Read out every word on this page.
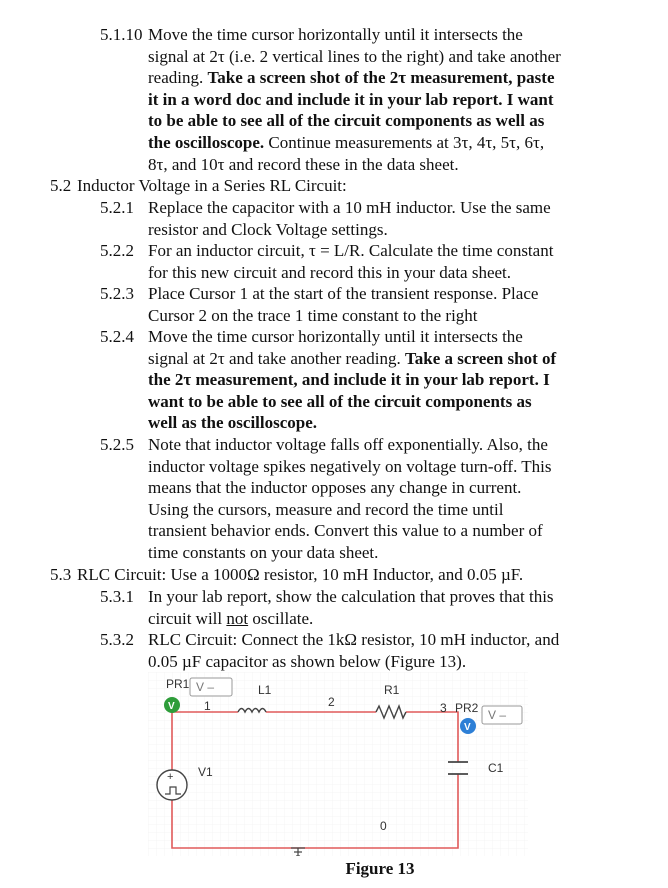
5.1.10 Move the time cursor horizontally until it intersects the
signal at 2τ (i.e. 2 vertical lines to the right) and take another
reading. Take a screen shot of the 2τ measurement, paste
it in a word doc and include it in your lab report. I want
to be able to see all of the circuit components as well as
the oscilloscope. Continue measurements at 3τ, 4τ, 5τ, 6τ,
8τ, and 10τ and record these in the data sheet.
5.2 Inductor Voltage in a Series RL Circuit:
5.2.1 Replace the capacitor with a 10 mH inductor. Use the same
resistor and Clock Voltage settings.
5.2.2 For an inductor circuit, τ = L/R. Calculate the time constant
for this new circuit and record this in your data sheet.
5.2.3 Place Cursor 1 at the start of the transient response. Place
Cursor 2 on the trace 1 time constant to the right
5.2.4 Move the time cursor horizontally until it intersects the
signal at 2τ and take another reading. Take a screen shot of
the 2τ measurement, and include it in your lab report. I
want to be able to see all of the circuit components as
well as the oscilloscope.
5.2.5 Note that inductor voltage falls off exponentially. Also, the
inductor voltage spikes negatively on voltage turn-off. This
means that the inductor opposes any change in current.
Using the cursors, measure and record the time until
transient behavior ends. Convert this value to a number of
time constants on your data sheet.
5.3 RLC Circuit: Use a 1000Ω resistor, 10 mH Inductor, and 0.05 µF.
5.3.1 In your lab report, show the calculation that proves that this
circuit will not oscillate.
5.3.2 RLC Circuit: Connect the 1kΩ resistor, 10 mH inductor, and
0.05 µF capacitor as shown below (Figure 13).
+
V
V –
PR1
V
V –
PR2
1
L1
2
R1
3
V1	C1
0
Figure 13
